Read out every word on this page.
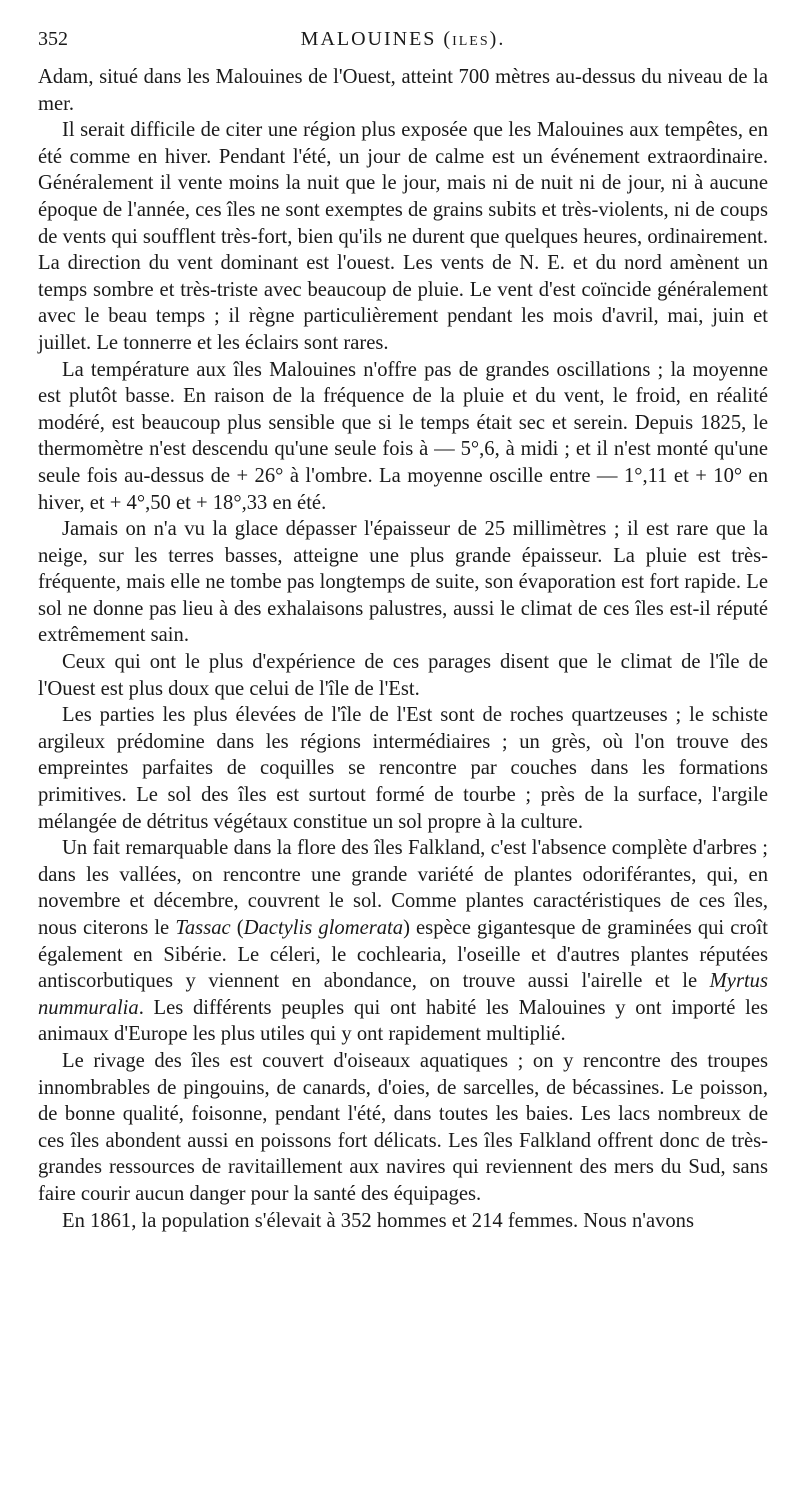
352	MALOUINES (ILES).

Adam, situé dans les Malouines de l'Ouest, atteint 700 mètres au-dessus du niveau de la mer.

Il serait difficile de citer une région plus exposée que les Malouines aux tempêtes, en été comme en hiver. Pendant l'été, un jour de calme est un événement extraordinaire. Généralement il vente moins la nuit que le jour, mais ni de nuit ni de jour, ni à aucune époque de l'année, ces îles ne sont exemptes de grains subits et très-violents, ni de coups de vents qui soufflent très-fort, bien qu'ils ne durent que quelques heures, ordinairement. La direction du vent dominant est l'ouest. Les vents de N. E. et du nord amènent un temps sombre et très-triste avec beaucoup de pluie. Le vent d'est coïncide généralement avec le beau temps ; il règne particulièrement pendant les mois d'avril, mai, juin et juillet. Le tonnerre et les éclairs sont rares.

La température aux îles Malouines n'offre pas de grandes oscillations ; la moyenne est plutôt basse. En raison de la fréquence de la pluie et du vent, le froid, en réalité modéré, est beaucoup plus sensible que si le temps était sec et serein. Depuis 1825, le thermomètre n'est descendu qu'une seule fois à — 5°,6, à midi ; et il n'est monté qu'une seule fois au-dessus de + 26° à l'ombre. La moyenne oscille entre — 1°,11 et + 10° en hiver, et + 4°,50 et + 18°,33 en été.

Jamais on n'a vu la glace dépasser l'épaisseur de 25 millimètres ; il est rare que la neige, sur les terres basses, atteigne une plus grande épaisseur. La pluie est très-fréquente, mais elle ne tombe pas longtemps de suite, son évaporation est fort rapide. Le sol ne donne pas lieu à des exhalaisons palustres, aussi le climat de ces îles est-il réputé extrêmement sain.

Ceux qui ont le plus d'expérience de ces parages disent que le climat de l'île de l'Ouest est plus doux que celui de l'île de l'Est.

Les parties les plus élevées de l'île de l'Est sont de roches quartzeuses ; le schiste argileux prédomine dans les régions intermédiaires ; un grès, où l'on trouve des empreintes parfaites de coquilles se rencontre par couches dans les formations primitives. Le sol des îles est surtout formé de tourbe ; près de la surface, l'argile mélangée de détritus végétaux constitue un sol propre à la culture.

Un fait remarquable dans la flore des îles Falkland, c'est l'absence complète d'arbres ; dans les vallées, on rencontre une grande variété de plantes odoriférantes, qui, en novembre et décembre, couvrent le sol. Comme plantes caractéristiques de ces îles, nous citerons le Tassac (Dactylis glomerata) espèce gigantesque de graminées qui croît également en Sibérie. Le céleri, le cochlearia, l'oseille et d'autres plantes réputées antiscorbutiques y viennent en abondance, on trouve aussi l'airelle et le Myrtus nummuralia. Les différents peuples qui ont habité les Malouines y ont importé les animaux d'Europe les plus utiles qui y ont rapidement multiplié.

Le rivage des îles est couvert d'oiseaux aquatiques ; on y rencontre des troupes innombrables de pingouins, de canards, d'oies, de sarcelles, de bécassines. Le poisson, de bonne qualité, foisonne, pendant l'été, dans toutes les baies. Les lacs nombreux de ces îles abondent aussi en poissons fort délicats. Les îles Falkland offrent donc de très-grandes ressources de ravitaillement aux navires qui reviennent des mers du Sud, sans faire courir aucun danger pour la santé des équipages.

En 1861, la population s'élevait à 352 hommes et 214 femmes. Nous n'avons
